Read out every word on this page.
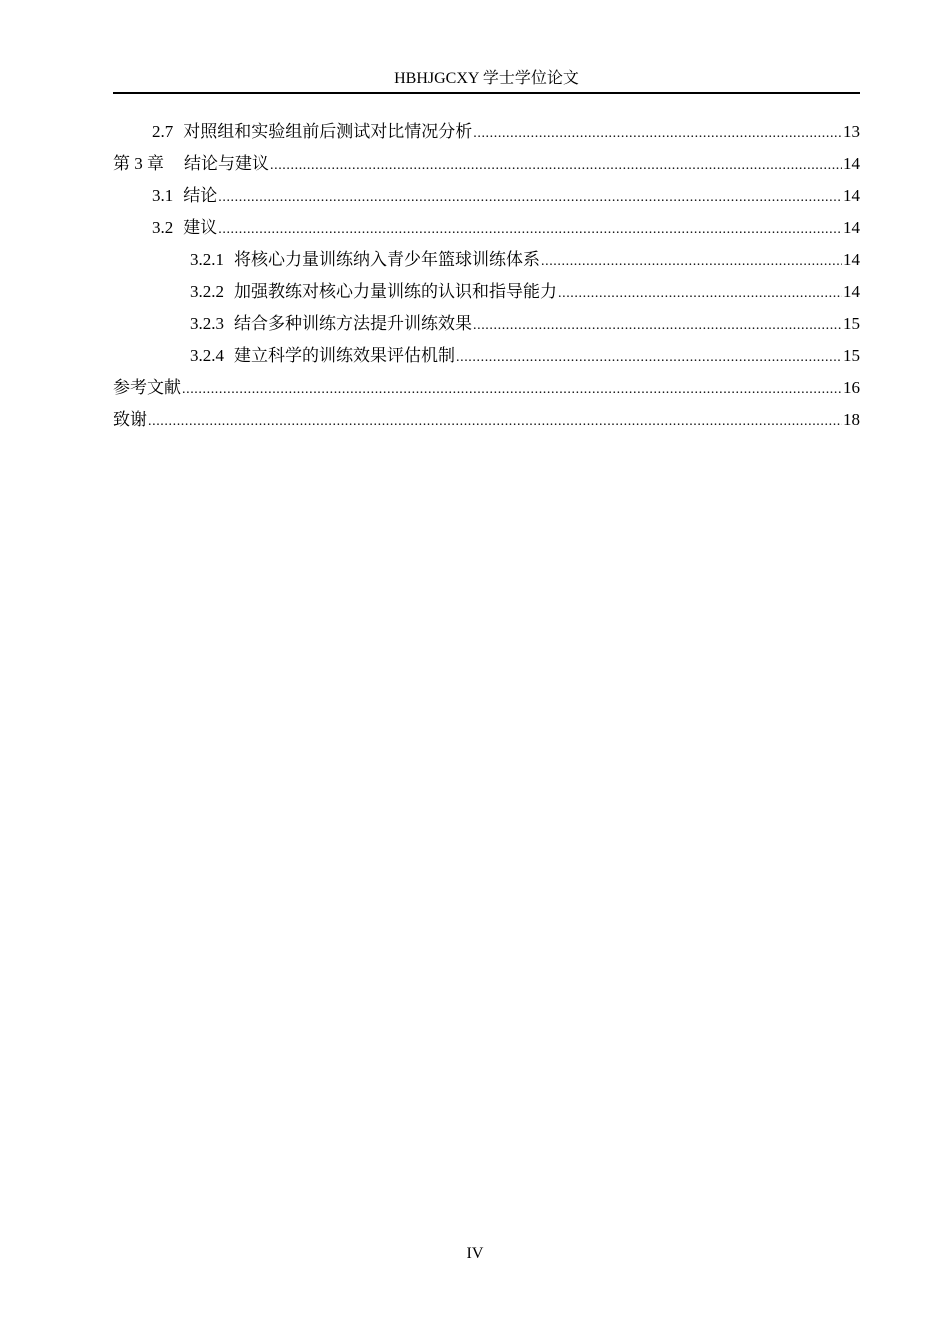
HBHJGCXY 学士学位论文
2.7 对照组和实验组前后测试对比情况分析 .....	13
第 3 章 结论与建议 .....	14
3.1 结论 .....	14
3.2 建议 .....	14
3.2.1 将核心力量训练纳入青少年篮球训练体系 .....	14
3.2.2 加强教练对核心力量训练的认识和指导能力 .....	14
3.2.3 结合多种训练方法提升训练效果 .....	15
3.2.4 建立科学的训练效果评估机制 .....	15
参考文献 .....	16
致谢 .....	18
IV
